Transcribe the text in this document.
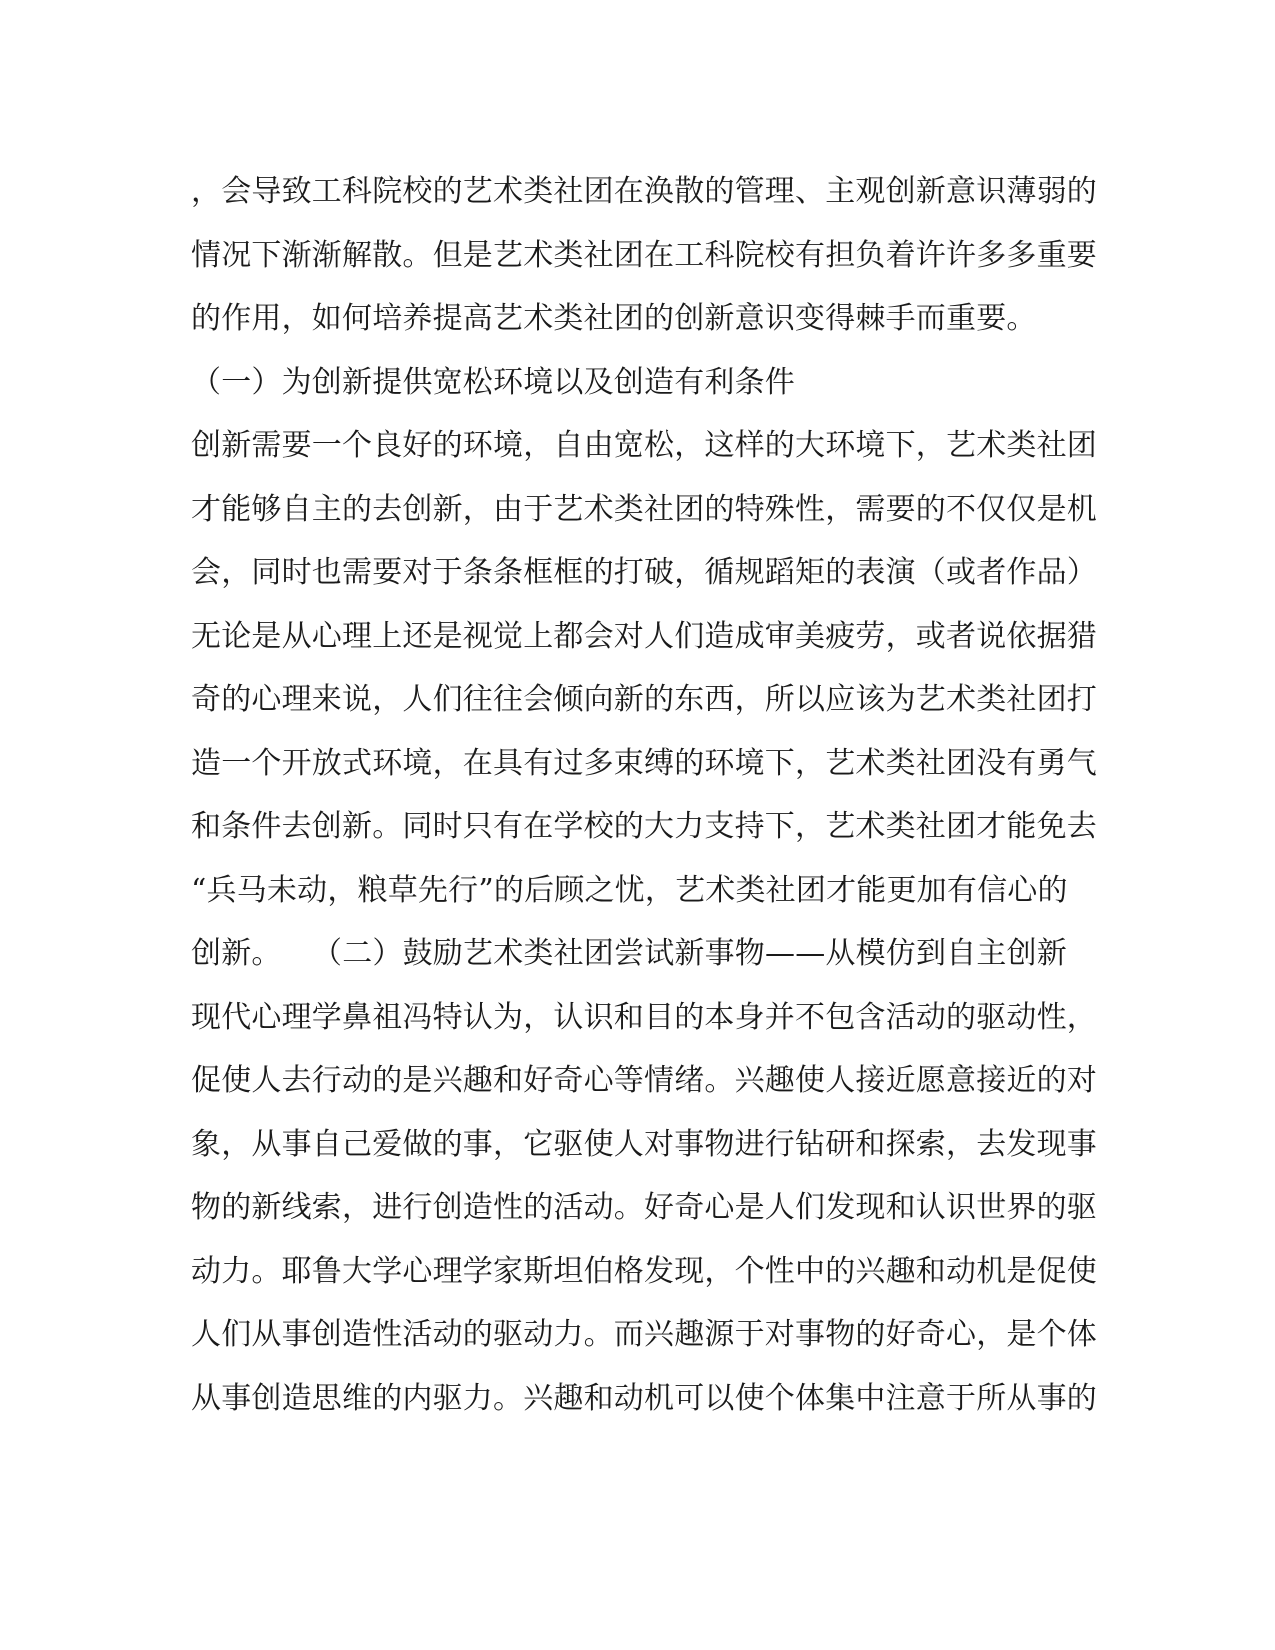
，会导致工科院校的艺术类社团在涣散的管理、主观创新意识薄弱的
情况下渐渐解散。但是艺术类社团在工科院校有担负着许许多多重要
的作用，如何培养提高艺术类社团的创新意识变得棘手而重要。
（一）为创新提供宽松环境以及创造有利条件
创新需要一个良好的环境，自由宽松，这样的大环境下，艺术类社团
才能够自主的去创新，由于艺术类社团的特殊性，需要的不仅仅是机
会，同时也需要对于条条框框的打破，循规蹈矩的表演（或者作品）
无论是从心理上还是视觉上都会对人们造成审美疲劳，或者说依据猎
奇的心理来说，人们往往会倾向新的东西，所以应该为艺术类社团打
造一个开放式环境，在具有过多束缚的环境下，艺术类社团没有勇气
和条件去创新。同时只有在学校的大力支持下，艺术类社团才能免去
“兵马未动，粮草先行”的后顾之忧，艺术类社团才能更加有信心的
创新。　　（二）鼓励艺术类社团尝试新事物——从模仿到自主创新
现代心理学鼻祖冯特认为，认识和目的本身并不包含活动的驱动性，
促使人去行动的是兴趣和好奇心等情绪。兴趣使人接近愿意接近的对
象，从事自己爱做的事，它驱使人对事物进行钻研和探索，去发现事
物的新线索，进行创造性的活动。好奇心是人们发现和认识世界的驱
动力。耶鲁大学心理学家斯坦伯格发现，个性中的兴趣和动机是促使
人们从事创造性活动的驱动力。而兴趣源于对事物的好奇心，是个体
从事创造思维的内驱力。兴趣和动机可以使个体集中注意于所从事的
